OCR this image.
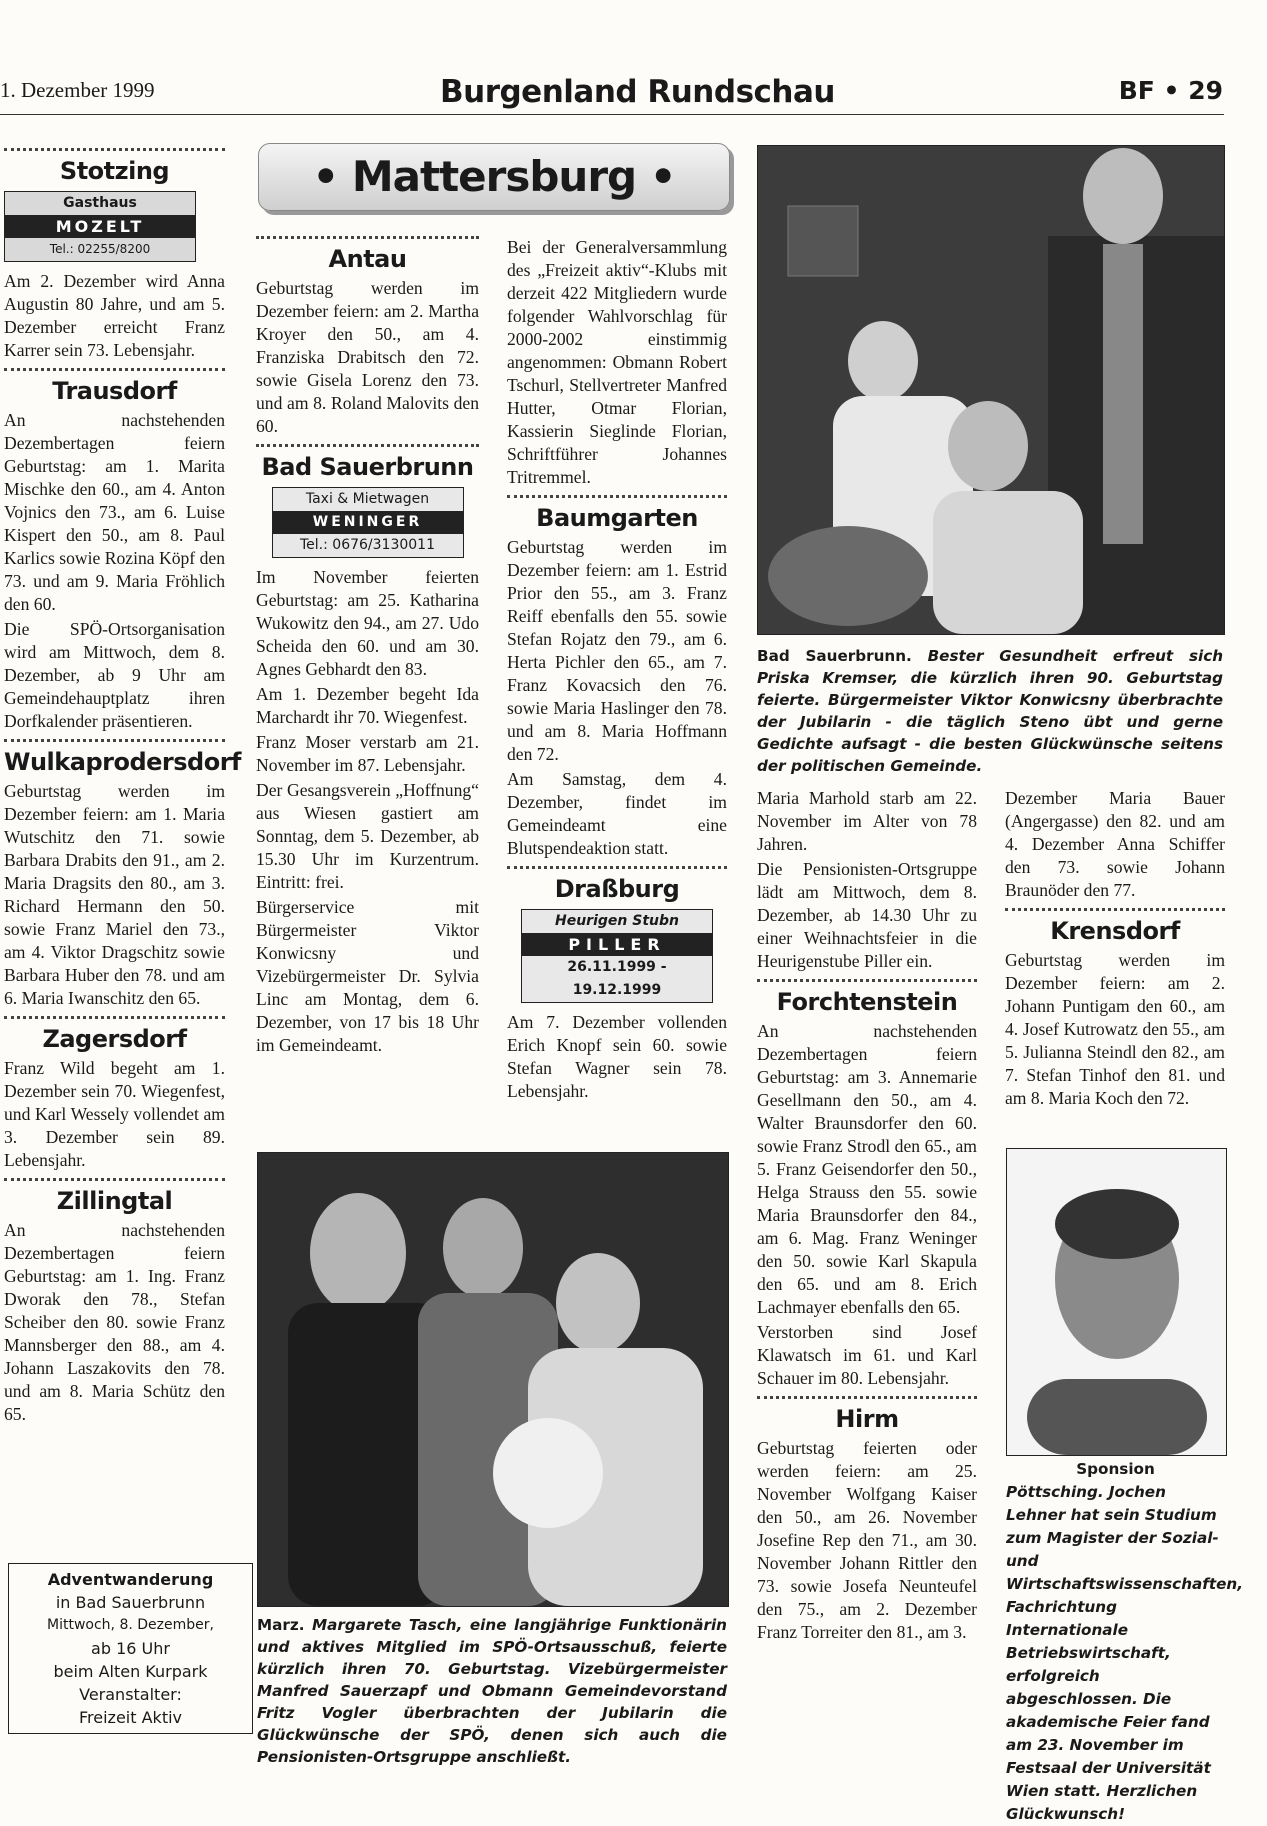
1. Dezember 1999	Burgenland Rundschau	BF • 29
Stotzing
Gasthaus
MOZELT
Tel.: 02255/8200

Am 2. Dezember wird Anna Augustin 80 Jahre, und am 5. Dezember erreicht Franz Karrer sein 73. Lebensjahr.

Trausdorf

An nachstehenden Dezembertagen feiern Geburtstag: am 1. Marita Mischke den 60., am 4. Anton Vojnics den 73., am 6. Luise Kispert den 50., am 8. Paul Karlics sowie Rozina Köpf den 73. und am 9. Maria Fröhlich den 60.

Die SPÖ-Ortsorganisation wird am Mittwoch, dem 8. Dezember, ab 9 Uhr am Gemeindehauptplatz ihren Dorfkalender präsentieren.

Wulkaprodersdorf

Geburtstag werden im Dezember feiern: am 1. Maria Wutschitz den 71. sowie Barbara Drabits den 91., am 2. Maria Dragsits den 80., am 3. Richard Hermann den 50. sowie Franz Mariel den 73., am 4. Viktor Dragschitz sowie Barbara Huber den 78. und am 6. Maria Iwanschitz den 65.

Zagersdorf

Franz Wild begeht am 1. Dezember sein 70. Wiegenfest, und Karl Wessely vollendet am 3. Dezember sein 89. Lebensjahr.

Zillingtal

An nachstehenden Dezembertagen feiern Geburtstag: am 1. Ing. Franz Dworak den 78., Stefan Scheiber den 80. sowie Franz Mannsberger den 88., am 4. Johann Laszakovits den 78. und am 8. Maria Schütz den 65.

Adventwanderung
in Bad Sauerbrunn
Mittwoch, 8. Dezember,
ab 16 Uhr
beim Alten Kurpark
Veranstalter:
Freizeit Aktiv
• Mattersburg •
Antau

Geburtstag werden im Dezember feiern: am 2. Martha Kroyer den 50., am 4. Franziska Drabitsch den 72. sowie Gisela Lorenz den 73. und am 8. Roland Malovits den 60.

Bad Sauerbrunn
Taxi & Mietwagen
WENINGER
Tel.: 0676/3130011

Im November feierten Geburtstag: am 25. Katharina Wukowitz den 94., am 27. Udo Scheida den 60. und am 30. Agnes Gebhardt den 83.

Am 1. Dezember begeht Ida Marchardt ihr 70. Wiegenfest.

Franz Moser verstarb am 21. November im 87. Lebensjahr.

Der Gesangsverein „Hoffnung“ aus Wiesen gastiert am Sonntag, dem 5. Dezember, ab 15.30 Uhr im Kurzentrum. Eintritt: frei.

Bürgerservice mit Bürgermeister Viktor Konwicsny und Vizebürgermeister Dr. Sylvia Linc am Montag, dem 6. Dezember, von 17 bis 18 Uhr im Gemeindeamt.

Bei der Generalversammlung des „Freizeit aktiv“-Klubs mit derzeit 422 Mitgliedern wurde folgender Wahlvorschlag für 2000-2002 einstimmig angenommen: Obmann Robert Tschurl, Stellvertreter Manfred Hutter, Otmar Florian, Kassierin Sieglinde Florian, Schriftführer Johannes Tritremmel.

Baumgarten

Geburtstag werden im Dezember feiern: am 1. Estrid Prior den 55., am 3. Franz Reiff ebenfalls den 55. sowie Stefan Rojatz den 79., am 6. Herta Pichler den 65., am 7. Franz Kovacsich den 76. sowie Maria Haslinger den 78. und am 8. Maria Hoffmann den 72.

Am Samstag, dem 4. Dezember, findet im Gemeindeamt eine Blutspendeaktion statt.

Draßburg
Heurigen Stubn
PILLER
26.11.1999 - 19.12.1999

Am 7. Dezember vollenden Erich Knopf sein 60. sowie Stefan Wagner sein 78. Lebensjahr.

Bad Sauerbrunn. Bester Gesundheit erfreut sich Priska Kremser, die kürzlich ihren 90. Geburtstag feierte. Bürgermeister Viktor Konwicsny überbrachte der Jubilarin - die täglich Steno übt und gerne Gedichte aufsagt - die besten Glückwünsche seitens der politischen Gemeinde.

Maria Marhold starb am 22. November im Alter von 78 Jahren.

Die Pensionisten-Ortsgruppe lädt am Mittwoch, dem 8. Dezember, ab 14.30 Uhr zu einer Weihnachtsfeier in die Heurigenstube Piller ein.

Forchtenstein

An nachstehenden Dezembertagen feiern Geburtstag: am 3. Annemarie Gesellmann den 50., am 4. Walter Braunsdorfer den 60. sowie Franz Strodl den 65., am 5. Franz Geisendorfer den 50., Helga Strauss den 55. sowie Maria Braunsdorfer den 84., am 6. Mag. Franz Weninger den 50. sowie Karl Skapula den 65. und am 8. Erich Lachmayer ebenfalls den 65.

Verstorben sind Josef Klawatsch im 61. und Karl Schauer im 80. Lebensjahr.

Hirm

Geburtstag feierten oder werden feiern: am 25. November Wolfgang Kaiser den 50., am 26. November Josefine Rep den 71., am 30. November Johann Rittler den 73. sowie Josefa Neunteufel den 75., am 2. Dezember Franz Torreiter den 81., am 3.

Dezember Maria Bauer (Angergasse) den 82. und am 4. Dezember Anna Schiffer den 73. sowie Johann Braunöder den 77.

Krensdorf

Geburtstag werden im Dezember feiern: am 2. Johann Puntigam den 60., am 4. Josef Kutrowatz den 55., am 5. Julianna Steindl den 82., am 7. Stefan Tinhof den 81. und am 8. Maria Koch den 72.

Sponsion
Pöttsching. Jochen Lehner hat sein Studium zum Magister der Sozial- und Wirtschaftswissenschaften, Fachrichtung Internationale Betriebswirtschaft, erfolgreich abgeschlossen. Die akademische Feier fand am 23. November im Festsaal der Universität Wien statt. Herzlichen Glückwunsch!
Marz. Margarete Tasch, eine langjährige Funktionärin und aktives Mitglied im SPÖ-Ortsausschuß, feierte kürzlich ihren 70. Geburtstag. Vizebürgermeister Manfred Sauerzapf und Obmann Gemeindevorstand Fritz Vogler überbrachten der Jubilarin die Glückwünsche der SPÖ, denen sich auch die Pensionisten-Ortsgruppe anschließt.
